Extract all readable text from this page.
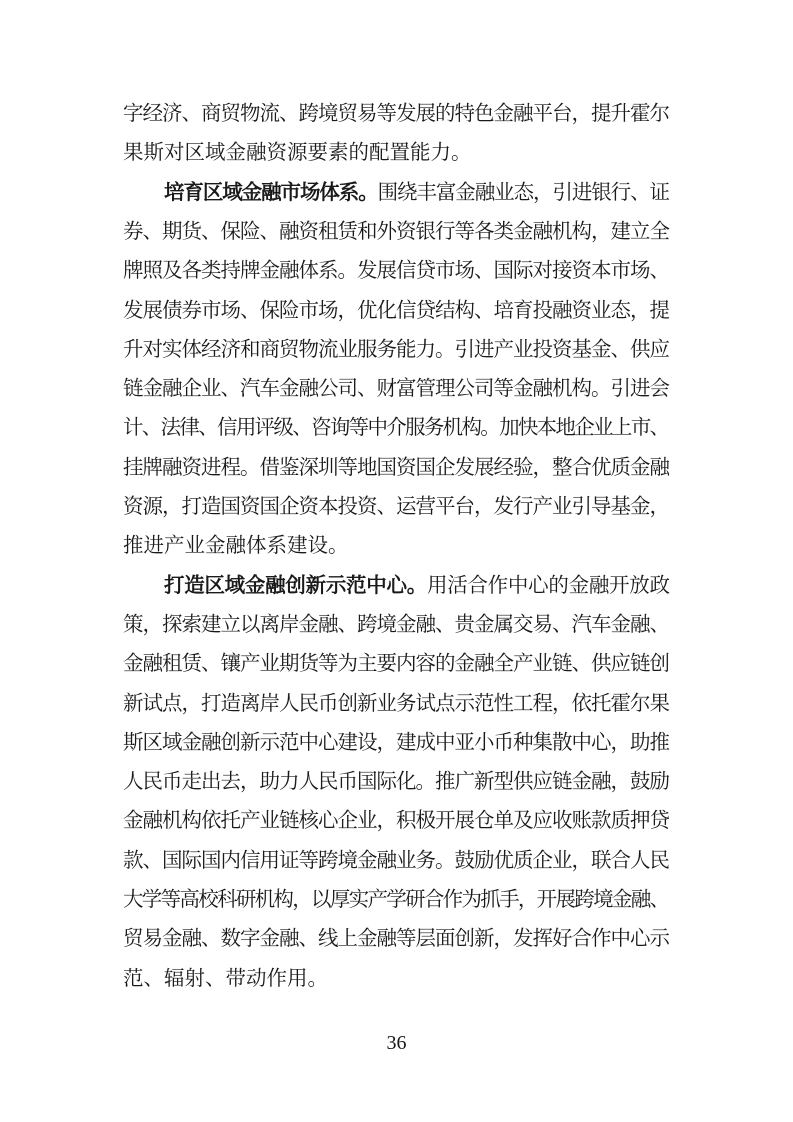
字经济、商贸物流、跨境贸易等发展的特色金融平台，提升霍尔
果斯对区域金融资源要素的配置能力。
培育区域金融市场体系。围绕丰富金融业态，引进银行、证
券、期货、保险、融资租赁和外资银行等各类金融机构，建立全
牌照及各类持牌金融体系。发展信贷市场、国际对接资本市场、
发展债券市场、保险市场，优化信贷结构、培育投融资业态，提
升对实体经济和商贸物流业服务能力。引进产业投资基金、供应
链金融企业、汽车金融公司、财富管理公司等金融机构。引进会
计、法律、信用评级、咨询等中介服务机构。加快本地企业上市、
挂牌融资进程。借鉴深圳等地国资国企发展经验，整合优质金融
资源，打造国资国企资本投资、运营平台，发行产业引导基金，
推进产业金融体系建设。
打造区域金融创新示范中心。用活合作中心的金融开放政
策，探索建立以离岸金融、跨境金融、贵金属交易、汽车金融、
金融租赁、镶产业期货等为主要内容的金融全产业链、供应链创
新试点，打造离岸人民币创新业务试点示范性工程，依托霍尔果
斯区域金融创新示范中心建设，建成中亚小币种集散中心，助推
人民币走出去，助力人民币国际化。推广新型供应链金融，鼓励
金融机构依托产业链核心企业，积极开展仓单及应收账款质押贷
款、国际国内信用证等跨境金融业务。鼓励优质企业，联合人民
大学等高校科研机构，以厚实产学研合作为抓手，开展跨境金融、
贸易金融、数字金融、线上金融等层面创新，发挥好合作中心示
范、辐射、带动作用。
36
